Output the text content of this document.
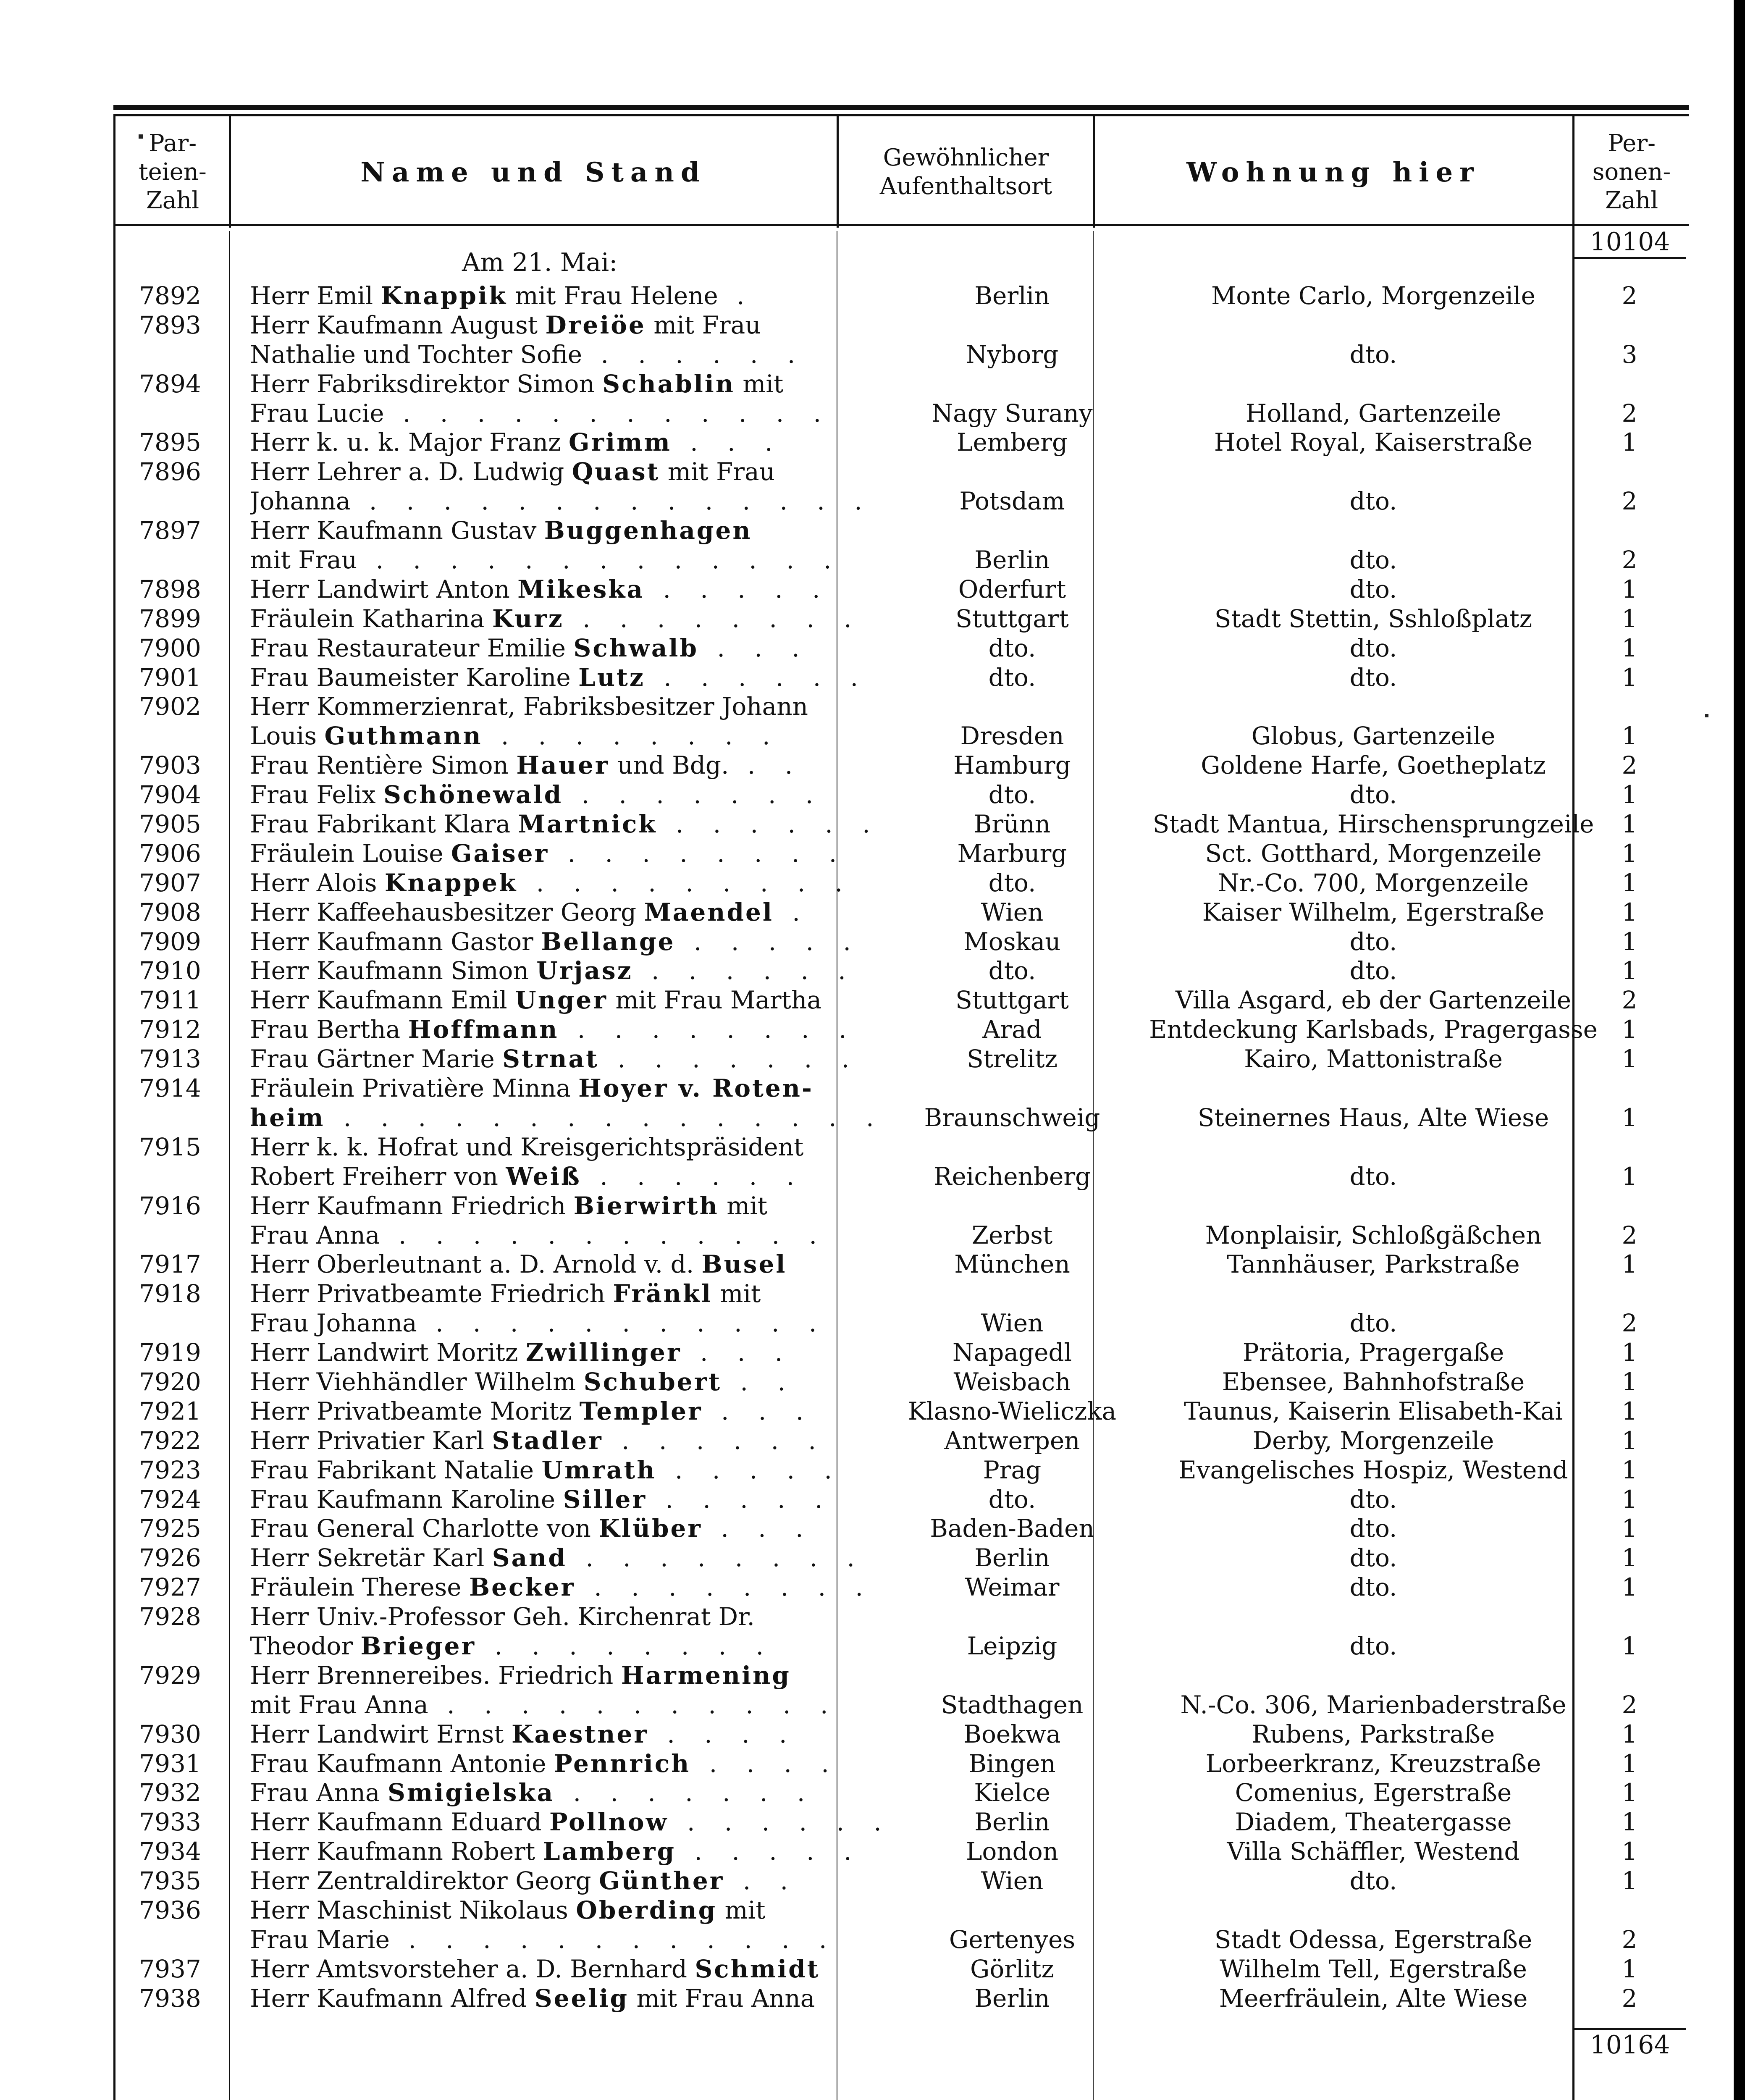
Par-
teien-
Zahl
Name und Stand	Gewöhnlicher
Aufenthaltsort	Wohnung hier
Per-
sonen-
Zahl
10104
Am 21. Mai:
7892	Herr Emil Knappik mit Frau Helene .	Berlin	Monte Carlo, Morgenzeile	2
7893	Herr Kaufmann August Dreiöe mit Frau
Nathalie und Tochter Sofie . . . . . .	Nyborg	dto.	3
7894	Herr Fabriksdirektor Simon Schablin mit
Frau Lucie . . . . . . . . . . . .	Nagy Surany	Holland, Gartenzeile	2
7895	Herr k. u. k. Major Franz Grimm . . .	Lemberg	Hotel Royal, Kaiserstraße	1
7896	Herr Lehrer a. D. Ludwig Quast mit Frau
Johanna . . . . . . . . . . . . . .	Potsdam	dto.	2
7897	Herr Kaufmann Gustav Buggenhagen
mit Frau . . . . . . . . . . . . .	Berlin	dto.	2
7898	Herr Landwirt Anton Mikeska . . . . .	Oderfurt	dto.	1
7899	Fräulein Katharina Kurz . . . . . . . .	Stuttgart	Stadt Stettin, Sshloßplatz	1
7900	Frau Restaurateur Emilie Schwalb . . .	dto.	dto.	1
7901	Frau Baumeister Karoline Lutz . . . . . .	dto.	dto.	1
7902	Herr Kommerzienrat, Fabriksbesitzer Johann
Louis Guthmann . . . . . . . .	Dresden	Globus, Gartenzeile	1
7903	Frau Rentière Simon Hauer und Bdg. . .	Hamburg	Goldene Harfe, Goetheplatz	2
7904	Frau Felix Schönewald . . . . . . .	dto.	dto.	1
7905	Frau Fabrikant Klara Martnick . . . . . .	Brünn	Stadt Mantua, Hirschensprungzeile	1
7906	Fräulein Louise Gaiser . . . . . . . .	Marburg	Sct. Gotthard, Morgenzeile	1
7907	Herr Alois Knappek . . . . . . . . .	dto.	Nr.-Co. 700, Morgenzeile	1
7908	Herr Kaffeehausbesitzer Georg Maendel .	Wien	Kaiser Wilhelm, Egerstraße	1
7909	Herr Kaufmann Gastor Bellange . . . . .	Moskau	dto.	1
7910	Herr Kaufmann Simon Urjasz . . . . . .	dto.	dto.	1
7911	Herr Kaufmann Emil Unger mit Frau Martha	Stuttgart	Villa Asgard, eb der Gartenzeile	2
7912	Frau Bertha Hoffmann . . . . . . . .	Arad	Entdeckung Karlsbads, Pragergasse 1
7913	Frau Gärtner Marie Strnat . . . . . . .	Strelitz	Kairo, Mattonistraße	1
7914	Fräulein Privatière Minna Hoyer v. Roten-
heim . . . . . . . . . . . . . . .	Braunschweig	Steinernes Haus, Alte Wiese	1
7915	Herr k. k. Hofrat und Kreisgerichtspräsident
Robert Freiherr von Weiß . . . . . .	Reichenberg	dto.	1
7916	Herr Kaufmann Friedrich Bierwirth mit
Frau Anna . . . . . . . . . . . .	Zerbst	Monplaisir, Schloßgäßchen	2
7917	Herr Oberleutnant a. D. Arnold v. d. Busel	München	Tannhäuser, Parkstraße	1
7918	Herr Privatbeamte Friedrich Fränkl mit
Frau Johanna . . . . . . . . . . .	Wien	dto.	2
7919	Herr Landwirt Moritz Zwillinger . . .	Napagedl	Prätoria, Pragergaße	1
7920	Herr Viehhändler Wilhelm Schubert . .	Weisbach	Ebensee, Bahnhofstraße	1
7921	Herr Privatbeamte Moritz Templer . . .	Klasno-Wieliczka	Taunus, Kaiserin Elisabeth-Kai	1
7922	Herr Privatier Karl Stadler . . . . . .	Antwerpen	Derby, Morgenzeile	1
7923	Frau Fabrikant Natalie Umrath . . . . .	Prag	Evangelisches Hospiz, Westend	1
7924	Frau Kaufmann Karoline Siller . . . . .	dto.	dto.	1
7925	Frau General Charlotte von Klüber . . .	Baden-Baden	dto.	1
7926	Herr Sekretär Karl Sand . . . . . . . .	Berlin	dto.	1
7927	Fräulein Therese Becker . . . . . . . .	Weimar	dto.	1
7928	Herr Univ.-Professor Geh. Kirchenrat Dr.
Theodor Brieger . . . . . . . .	Leipzig	dto.	1
7929	Herr Brennereibes. Friedrich Harmening
mit Frau Anna . . . . . . . . . . .	Stadthagen	N.-Co. 306, Marienbaderstraße	2
7930	Herr Landwirt Ernst Kaestner . . . .	Boekwa	Rubens, Parkstraße	1
7931	Frau Kaufmann Antonie Pennrich . . . .	Bingen	Lorbeerkranz, Kreuzstraße	1
7932	Frau Anna Smigielska . . . . . . .	Kielce	Comenius, Egerstraße	1
7933	Herr Kaufmann Eduard Pollnow . . . . . .	Berlin	Diadem, Theatergasse	1
7934	Herr Kaufmann Robert Lamberg . . . . .	London	Villa Schäffler, Westend	1
7935	Herr Zentraldirektor Georg Günther . .	Wien	dto.	1
7936	Herr Maschinist Nikolaus Oberding mit
Frau Marie . . . . . . . . . . . .	Gertenyes	Stadt Odessa, Egerstraße	2
7937	Herr Amtsvorsteher a. D. Bernhard Schmidt	Görlitz	Wilhelm Tell, Egerstraße	1
7938	Herr Kaufmann Alfred Seelig mit Frau Anna	Berlin	Meerfräulein, Alte Wiese	2
10164
